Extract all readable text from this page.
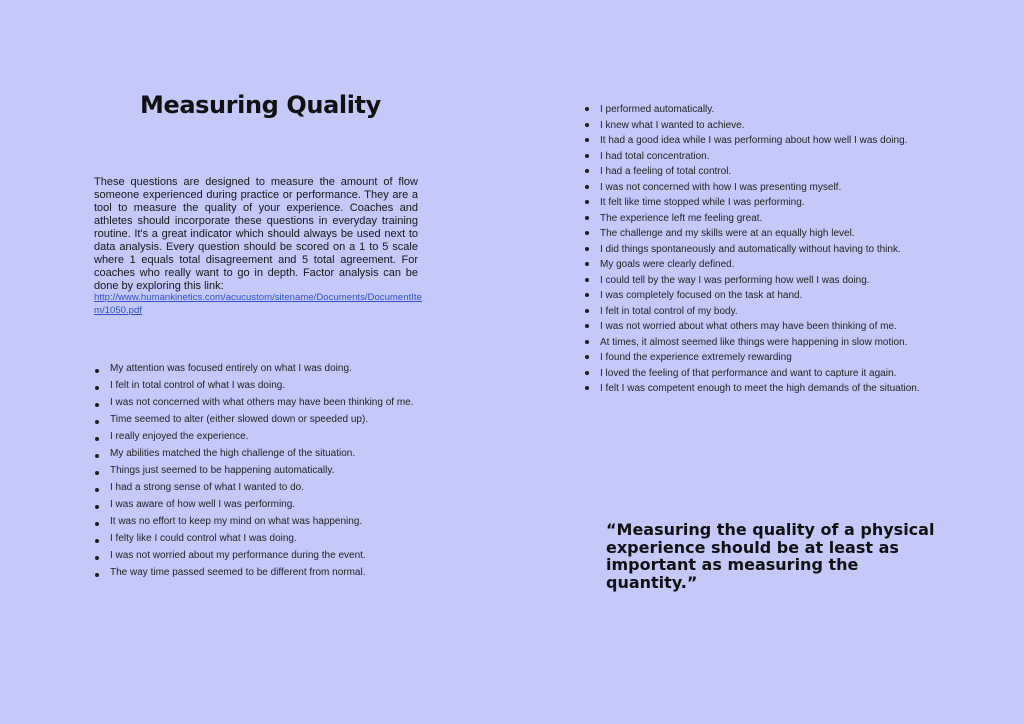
Measuring Quality

These questions are designed to measure the amount of flow someone experienced during practice or performance. They are a tool to measure the quality of your experience. Coaches and athletes should incorporate these questions in everyday training routine. It's a great indicator which should always be used next to data analysis. Every question should be scored on a 1 to 5 scale where 1 equals total disagreement and 5 total agreement. For coaches who really want to go in depth. Factor analysis can be done by exploring this link:

http://www.humankinetics.com/acucustom/sitename/Documents/DocumentItem/1050.pdf
My attention was focused entirely on what I was doing.
I felt in total control of what I was doing.
I was not concerned with what others may have been thinking of me.
Time seemed to alter (either slowed down or speeded up).
I really enjoyed the experience.
My abilities matched the high challenge of the situation.
Things just seemed to be happening automatically.
I had a strong sense of what I wanted to do.
I was aware of how well I was performing.
It was no effort to keep my mind on what was happening.
I felty like I could control what I was doing.
I was not worried about my performance during the event.
The way time passed seemed to be different from normal.
I performed automatically.
I knew what I wanted to achieve.
It had a good idea while I was performing about how well I was doing.
I had total concentration.
I had a feeling of total control.
I was not concerned with how I was presenting myself.
It felt like time stopped while I was performing.
The experience left me feeling great.
The challenge and my skills were at an equally high level.
I did things spontaneously and automatically without having to think.
My goals were clearly defined.
I could tell by the way I was performing how well I was doing.
I was completely focused on the task at hand.
I felt in total control of my body.
I was not worried about what others may have been thinking of me.
At times, it almost seemed like things were happening in slow motion.
I found the experience extremely rewarding
I loved the feeling of that performance and want to capture it again.
I felt I was competent enough to meet the high demands of the situation.
“Measuring the quality of a physical experience should be at least as important as measuring the quantity.”
